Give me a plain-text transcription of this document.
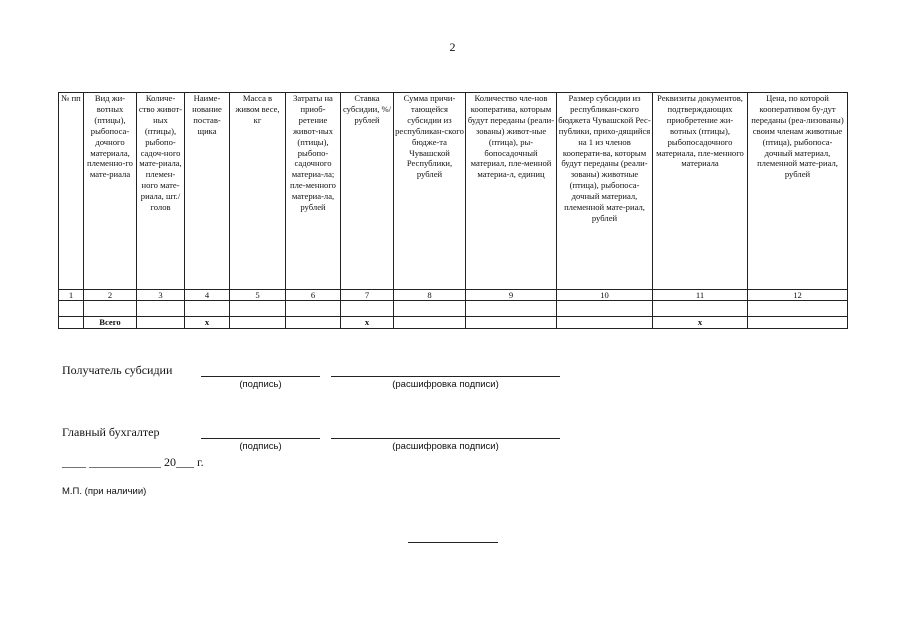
2
№ пп	Вид жи-вотных (птицы), рыбопоса-дочного материала, племенно-го мате-риала	Количе-ство живот-ных (птицы), рыбопо-садоч-ного мате-риала, племен-ного мате-риала, шт./ голов	Наиме-нование постав-щика	Масса в живом весе, кг	Затраты на приоб-ретение живот-ных (птицы), рыбопо-садочного материа-ла; пле-менного материа-ла, рублей	Ставка субсидии, %/ рублей	Сумма причи-тающейся субсидии из республикан-ского бюдже-та Чувашской Республики, рублей	Количество чле-нов кооператива, которым будут переданы (реали-зованы) живот-ные (птица), ры-бопосадочный материал, пле-менной материа-л, единиц	Размер субсидии из республикан-ского бюджета Чувашской Рес-публики, прихо-дящийся на 1 из членов кооперати-ва, которым будут переданы (реали-зованы) животные (птица), рыбопоса-дочный материал, племенной мате-риал, рублей	Реквизиты документов, подтверждающих приобретение жи-вотных (птицы), рыбопосадочного материала, пле-менного материала	Цена, по которой кооперативом бу-дут переданы (реа-лизованы) своим членам животные (птица), рыбопоса-дочный материал, племенной мате-риал, рублей
1	2	3	4	5	6	7	8	9	10	11	12

	Всего		x			x				x	
Получатель субсидии
(подпись)	(расшифровка подписи)
Главный бухгалтер
(подпись)	(расшифровка подписи)
____ ____________ 20___ г.
М.П. (при наличии)
